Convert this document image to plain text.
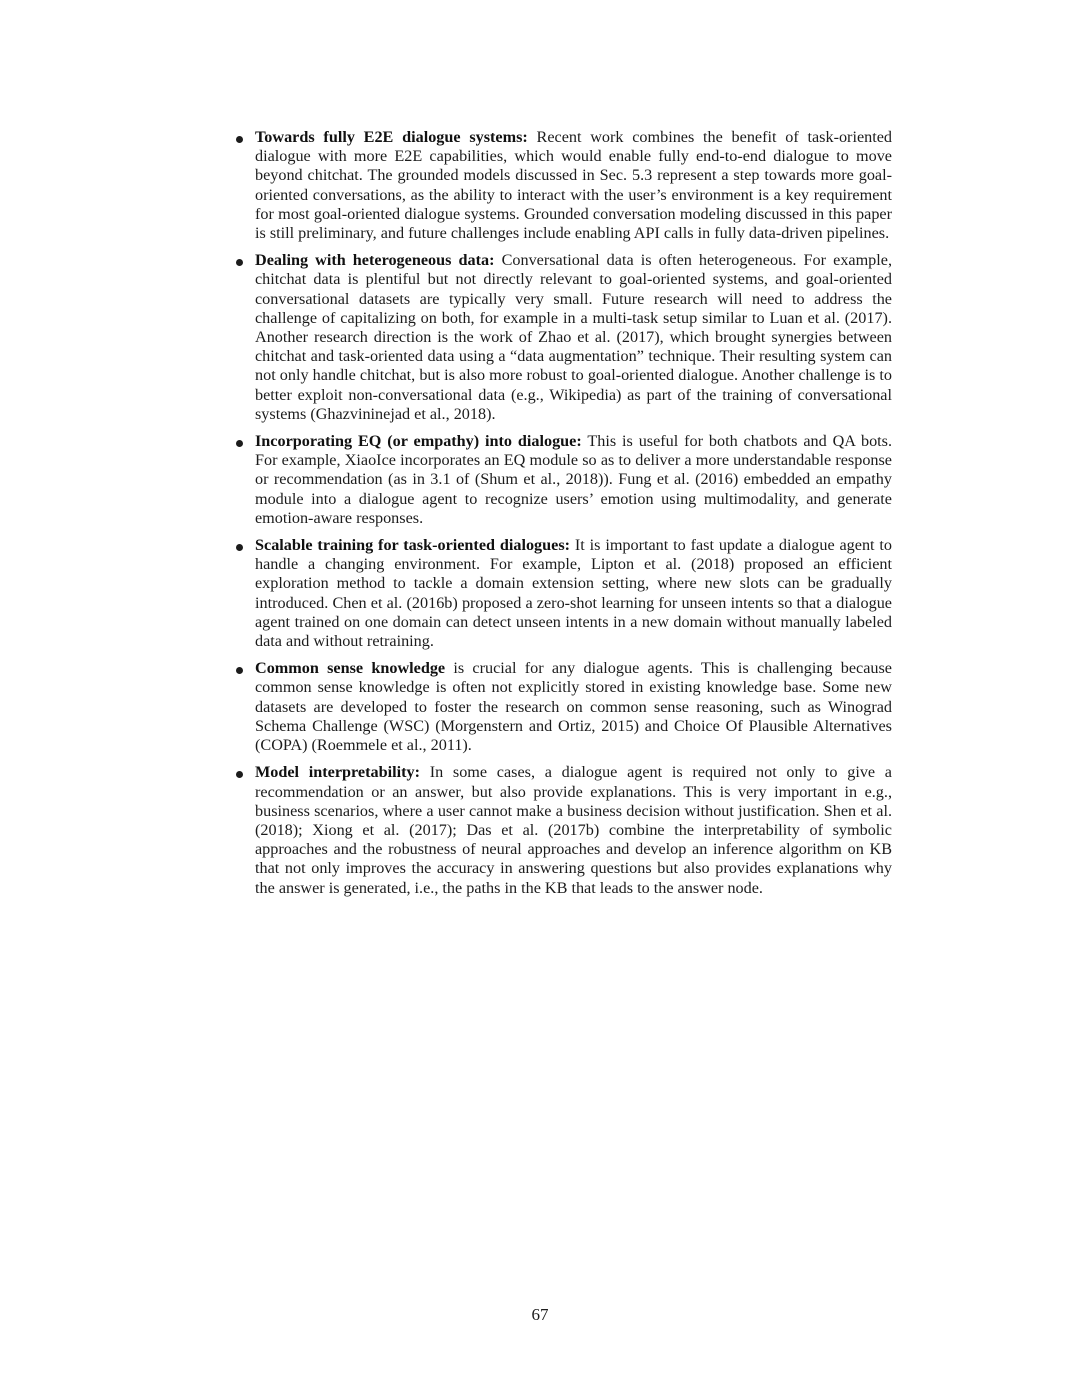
Towards fully E2E dialogue systems: Recent work combines the benefit of task-oriented dialogue with more E2E capabilities, which would enable fully end-to-end dialogue to move beyond chitchat. The grounded models discussed in Sec. 5.3 represent a step towards more goal-oriented conversations, as the ability to interact with the user’s environment is a key requirement for most goal-oriented dialogue systems. Grounded conversation modeling discussed in this paper is still preliminary, and future challenges include enabling API calls in fully data-driven pipelines.
Dealing with heterogeneous data: Conversational data is often heterogeneous. For example, chitchat data is plentiful but not directly relevant to goal-oriented systems, and goal-oriented conversational datasets are typically very small. Future research will need to address the challenge of capitalizing on both, for example in a multi-task setup similar to Luan et al. (2017). Another research direction is the work of Zhao et al. (2017), which brought synergies between chitchat and task-oriented data using a “data augmentation” technique. Their resulting system can not only handle chitchat, but is also more robust to goal-oriented dialogue. Another challenge is to better exploit non-conversational data (e.g., Wikipedia) as part of the training of conversational systems (Ghazvininejad et al., 2018).
Incorporating EQ (or empathy) into dialogue: This is useful for both chatbots and QA bots. For example, XiaoIce incorporates an EQ module so as to deliver a more understandable response or recommendation (as in 3.1 of (Shum et al., 2018)). Fung et al. (2016) embedded an empathy module into a dialogue agent to recognize users’ emotion using multimodality, and generate emotion-aware responses.
Scalable training for task-oriented dialogues: It is important to fast update a dialogue agent to handle a changing environment. For example, Lipton et al. (2018) proposed an efficient exploration method to tackle a domain extension setting, where new slots can be gradually introduced. Chen et al. (2016b) proposed a zero-shot learning for unseen intents so that a dialogue agent trained on one domain can detect unseen intents in a new domain without manually labeled data and without retraining.
Common sense knowledge is crucial for any dialogue agents. This is challenging because common sense knowledge is often not explicitly stored in existing knowledge base. Some new datasets are developed to foster the research on common sense reasoning, such as Winograd Schema Challenge (WSC) (Morgenstern and Ortiz, 2015) and Choice Of Plausible Alternatives (COPA) (Roemmele et al., 2011).
Model interpretability: In some cases, a dialogue agent is required not only to give a recommendation or an answer, but also provide explanations. This is very important in e.g., business scenarios, where a user cannot make a business decision without justification. Shen et al. (2018); Xiong et al. (2017); Das et al. (2017b) combine the interpretability of symbolic approaches and the robustness of neural approaches and develop an inference algorithm on KB that not only improves the accuracy in answering questions but also provides explanations why the answer is generated, i.e., the paths in the KB that leads to the answer node.
67
